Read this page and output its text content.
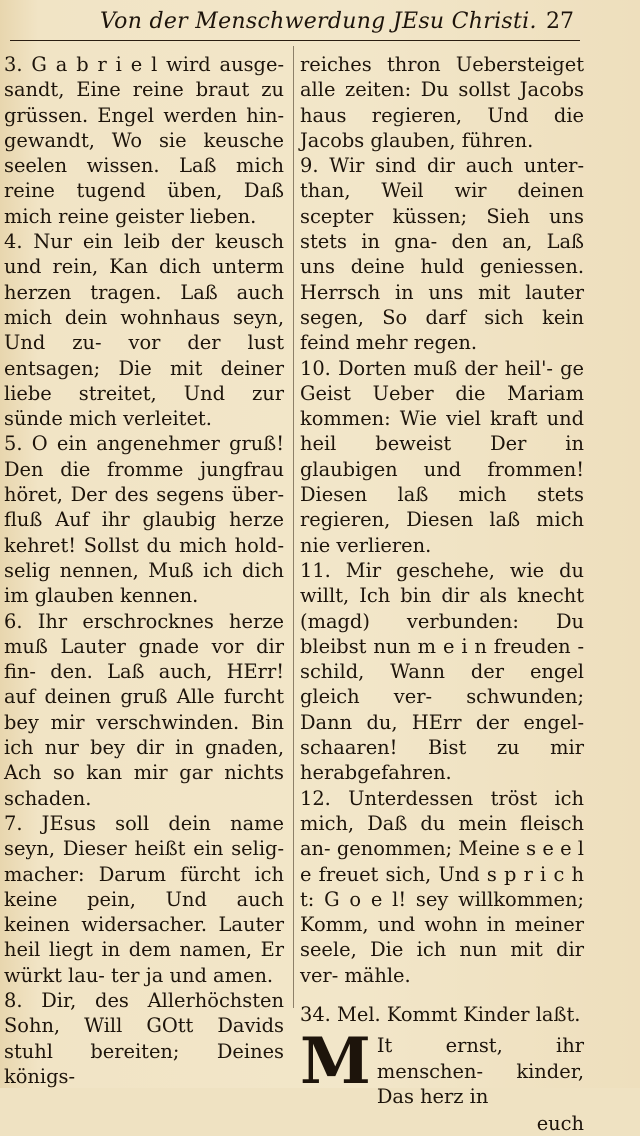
Von der Menschwerdung JEsu Christi. 27

3. G a b r i e l wird ausge- sandt, Eine reine braut zu grüssen. Engel werden hin- gewandt, Wo sie keusche seelen wissen. Laß mich reine tugend üben, Daß mich reine geister lieben.

4. Nur ein leib der keusch und rein, Kan dich unterm herzen tragen. Laß auch mich dein wohnhaus seyn, Und zu- vor der lust entsagen; Die mit deiner liebe streitet, Und zur sünde mich verleitet.

5. O ein angenehmer gruß! Den die fromme jungfrau höret, Der des segens über- fluß Auf ihr glaubig herze kehret! Sollst du mich hold- selig nennen, Muß ich dich im glauben kennen.

6. Ihr erschrocknes herze muß Lauter gnade vor dir fin- den. Laß auch, HErr! auf deinen gruß Alle furcht bey mir verschwinden. Bin ich nur bey dir in gnaden, Ach so kan mir gar nichts schaden.

7. JEsus soll dein name seyn, Dieser heißt ein selig- macher: Darum fürcht ich keine pein, Und auch keinen widersacher. Lauter heil liegt in dem namen, Er würkt lau- ter ja und amen.

8. Dir, des Allerhöchsten Sohn, Will GOtt Davids stuhl bereiten; Deines königs-

reiches thron Uebersteiget alle zeiten: Du sollst Jacobs haus regieren, Und die Jacobs glauben, führen.

9. Wir sind dir auch unter- than, Weil wir deinen scepter küssen; Sieh uns stets in gna- den an, Laß uns deine huld geniessen. Herrsch in uns mit lauter segen, So darf sich kein feind mehr regen.

10. Dorten muß der heil'- ge Geist Ueber die Mariam kommen: Wie viel kraft und heil beweist Der in glaubigen und frommen! Diesen laß mich stets regieren, Diesen laß mich nie verlieren.

11. Mir geschehe, wie du willt, Ich bin dir als knecht (magd) verbunden: Du bleibst nun m e i n freuden - schild, Wann der engel gleich ver- schwunden; Dann du, HErr der engel-schaaren! Bist zu mir herabgefahren.

12. Unterdessen tröst ich mich, Daß du mein fleisch an- genommen; Meine s e e l e freuet sich, Und s p r i c h t: G o e l! sey willkommen; Komm, und wohn in meiner seele, Die ich nun mit dir ver- mähle.

34. Mel. Kommt Kinder laßt.

M It ernst, ihr menschen- kinder, Das herz in

euch
